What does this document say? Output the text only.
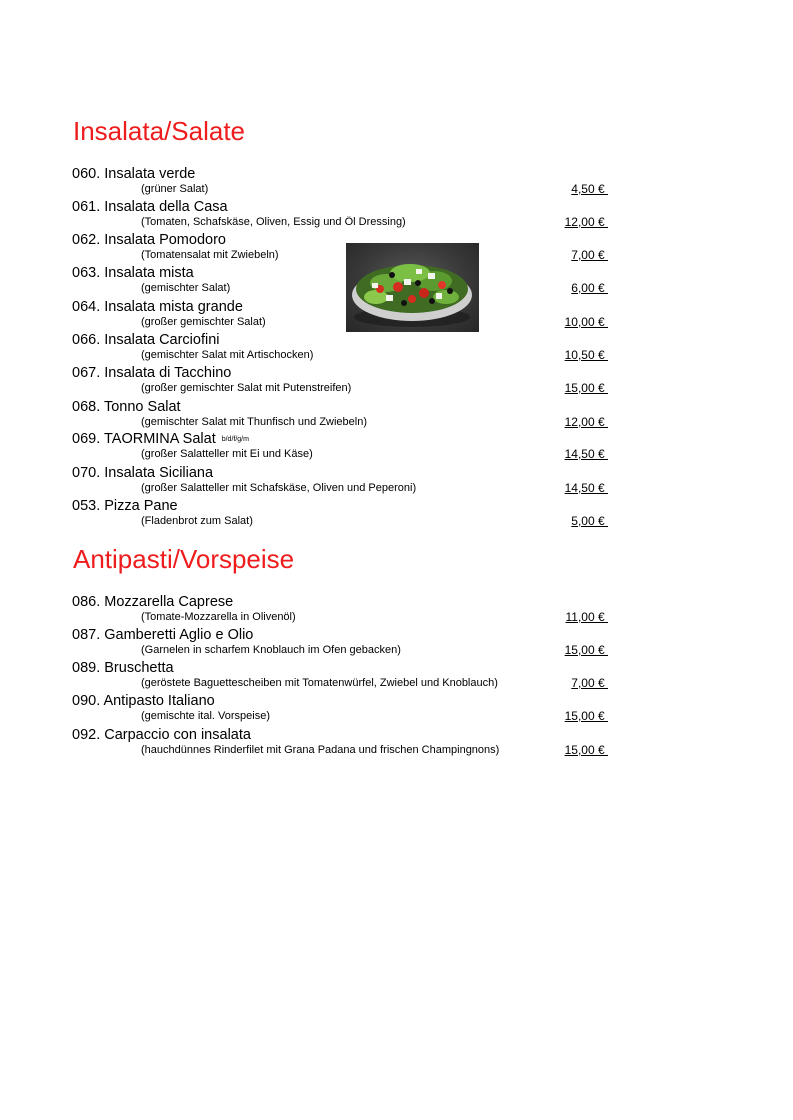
Insalata/Salate
060. Insalata verde
(grüner Salat)	4,50 €
061. Insalata della Casa
(Tomaten, Schafskäse, Oliven, Essig und Öl Dressing)	12,00 €
062. Insalata Pomodoro
(Tomatensalat mit Zwiebeln)	7,00 €
063. Insalata mista
(gemischter Salat)	6,00 €
064. Insalata mista grande
(großer gemischter Salat)	10,00 €
066. Insalata Carciofini
(gemischter Salat mit Artischocken)	10,50 €
067. Insalata di Tacchino
(großer gemischter Salat mit Putenstreifen)	15,00 €
068. Tonno Salat
(gemischter Salat mit Thunfisch und Zwiebeln)	12,00 €
069. TAORMINA Salat b/d/f/g/m
(großer Salatteller mit Ei und Käse)	14,50 €
070. Insalata Siciliana
(großer Salatteller mit Schafskäse, Oliven und Peperoni)	14,50 €
053. Pizza Pane
(Fladenbrot zum Salat)	5,00 €
Antipasti/Vorspeise
086. Mozzarella Caprese
(Tomate-Mozzarella in Olivenöl)	11,00 €
087. Gamberetti Aglio e Olio
(Garnelen in scharfem Knoblauch im Ofen gebacken)	15,00 €
089. Bruschetta
(geröstete Baguettescheiben mit Tomatenwürfel, Zwiebel und Knoblauch)	7,00 €
090. Antipasto Italiano
(gemischte ital. Vorspeise)	15,00 €
092. Carpaccio con insalata
(hauchdünnes Rinderfilet mit Grana Padana und frischen Champingnons)	15,00 €
